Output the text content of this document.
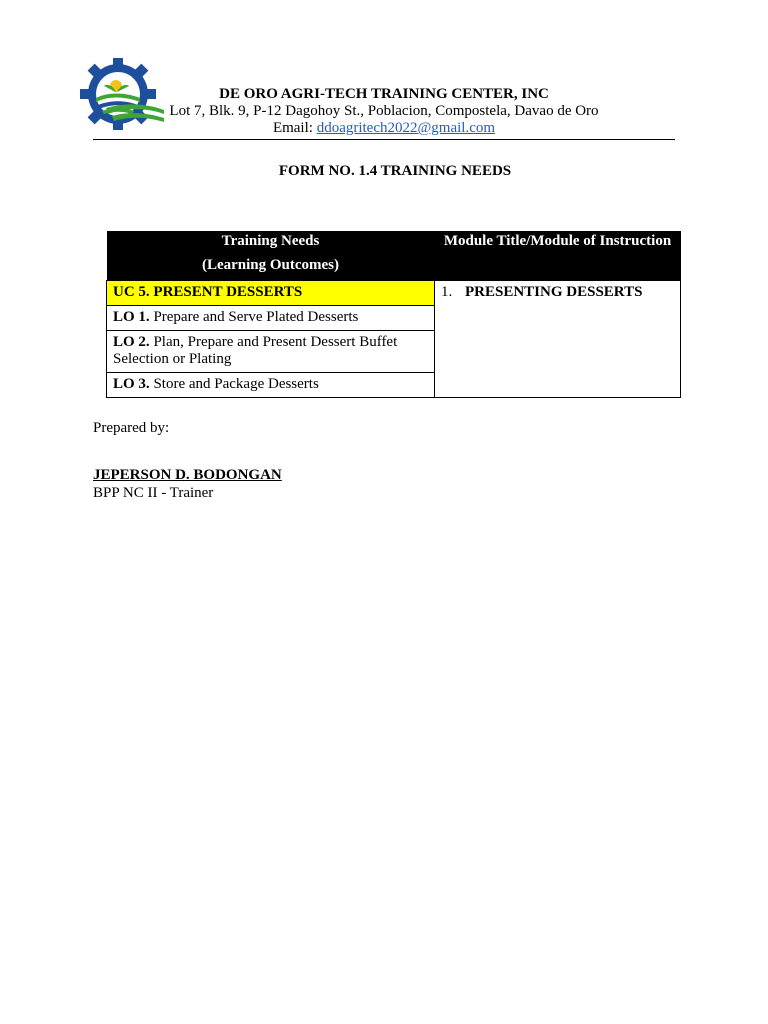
DE ORO AGRI-TECH TRAINING CENTER, INC
Lot 7, Blk. 9, P-12 Dagohoy St., Poblacion, Compostela, Davao de Oro
Email: ddoagritech2022@gmail.com
FORM NO. 1.4 TRAINING NEEDS
Training Needs
(Learning Outcomes)	Module Title/Module of Instruction

UC 5. PRESENT DESSERTS	1. PRESENTING DESSERTS
LO 1. Prepare and Serve Plated Desserts	
LO 2. Plan, Prepare and Present Dessert Buffet Selection or Plating	
LO 3. Store and Package Desserts	
Prepared by:
JEPERSON D. BODONGAN
BPP NC II - Trainer
